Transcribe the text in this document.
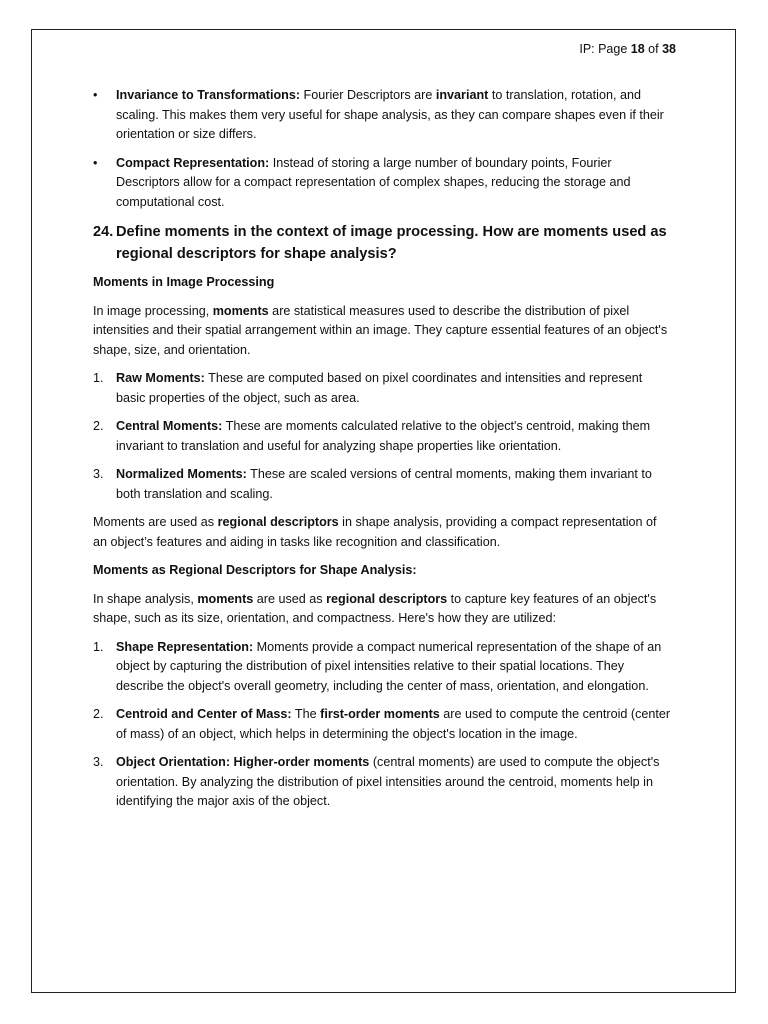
IP: Page 18 of 38
• Invariance to Transformations: Fourier Descriptors are invariant to translation, rotation, and scaling. This makes them very useful for shape analysis, as they can compare shapes even if their orientation or size differs.
• Compact Representation: Instead of storing a large number of boundary points, Fourier Descriptors allow for a compact representation of complex shapes, reducing the storage and computational cost.
24. Define moments in the context of image processing. How are moments used as regional descriptors for shape analysis?
Moments in Image Processing

In image processing, moments are statistical measures used to describe the distribution of pixel intensities and their spatial arrangement within an image. They capture essential features of an object's shape, size, and orientation.

1. Raw Moments: These are computed based on pixel coordinates and intensities and represent basic properties of the object, such as area.
2. Central Moments: These are moments calculated relative to the object's centroid, making them invariant to translation and useful for analyzing shape properties like orientation.
3. Normalized Moments: These are scaled versions of central moments, making them invariant to both translation and scaling.

Moments are used as regional descriptors in shape analysis, providing a compact representation of an object’s features and aiding in tasks like recognition and classification.

Moments as Regional Descriptors for Shape Analysis:

In shape analysis, moments are used as regional descriptors to capture key features of an object's shape, such as its size, orientation, and compactness. Here's how they are utilized:

1. Shape Representation: Moments provide a compact numerical representation of the shape of an object by capturing the distribution of pixel intensities relative to their spatial locations. They describe the object's overall geometry, including the center of mass, orientation, and elongation.
2. Centroid and Center of Mass: The first-order moments are used to compute the centroid (center of mass) of an object, which helps in determining the object's location in the image.
3. Object Orientation: Higher-order moments (central moments) are used to compute the object's orientation. By analyzing the distribution of pixel intensities around the centroid, moments help in identifying the major axis of the object.
